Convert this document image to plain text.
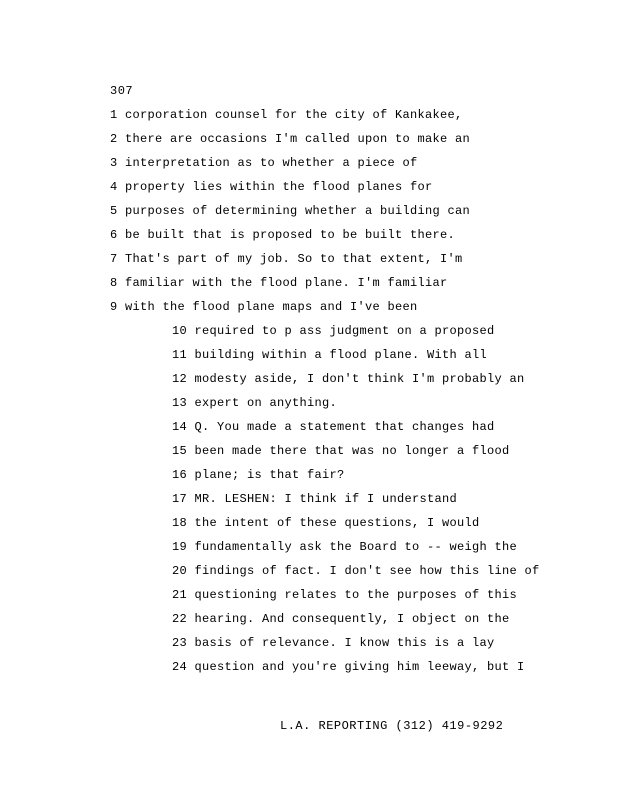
307
1 corporation counsel for the city of Kankakee,
2 there are occasions I'm called upon to make an
3 interpretation as to whether a piece of
4 property lies within the flood planes for
5 purposes of determining whether a building can
6 be built that is proposed to be built there.
7 That's part of my job. So to that extent, I'm
8 familiar with the flood plane. I'm familiar
9 with the flood plane maps and I've been
10 required to p ass judgment on a proposed
11 building within a flood plane. With all
12 modesty aside, I don't think I'm probably an
13 expert on anything.
14 Q. You made a statement that changes had
15 been made there that was no longer a flood
16 plane; is that fair?
17 MR. LESHEN: I think if I understand
18 the intent of these questions, I would
19 fundamentally ask the Board to -- weigh the
20 findings of fact. I don't see how this line of
21 questioning relates to the purposes of this
22 hearing. And consequently, I object on the
23 basis of relevance. I know this is a lay
24 question and you're giving him leeway, but I
L.A. REPORTING (312) 419-9292
